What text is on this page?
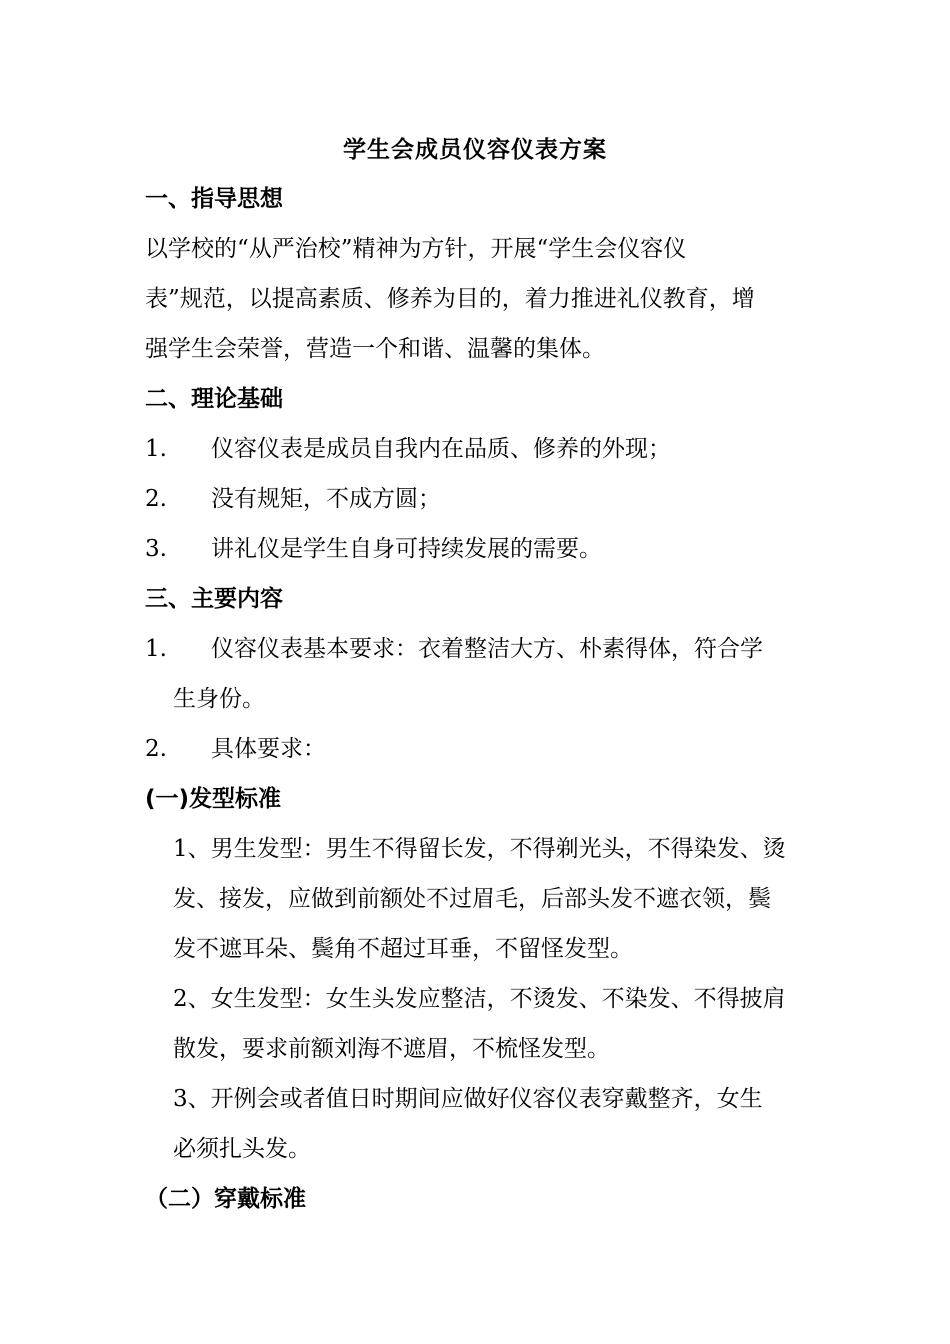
学生会成员仪容仪表方案
一、指导思想
以学校的“从严治校”精神为方针，开展“学生会仪容仪
表”规范，以提高素质、修养为目的，着力推进礼仪教育，增
强学生会荣誉，营造一个和谐、温馨的集体。
二、理论基础
1. 仪容仪表是成员自我内在品质、修养的外现；
2. 没有规矩，不成方圆；
3. 讲礼仪是学生自身可持续发展的需要。
三、主要内容
1. 仪容仪表基本要求：衣着整洁大方、朴素得体，符合学
生身份。
2. 具体要求：
(一)发型标准
1、男生发型：男生不得留长发，不得剃光头，不得染发、烫
发、接发，应做到前额处不过眉毛，后部头发不遮衣领，鬓
发不遮耳朵、鬓角不超过耳垂，不留怪发型。
2、女生发型：女生头发应整洁，不烫发、不染发、不得披肩
散发，要求前额刘海不遮眉，不梳怪发型。
3、开例会或者值日时期间应做好仪容仪表穿戴整齐，女生
必须扎头发。
（二）穿戴标准
